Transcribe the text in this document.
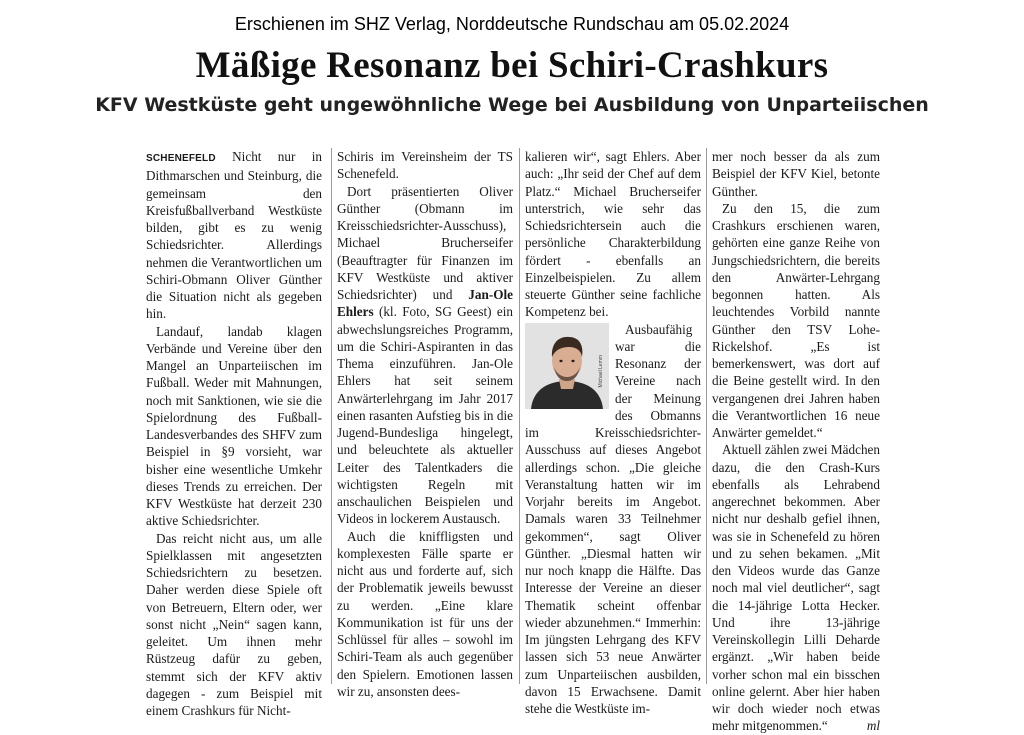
Erschienen im SHZ Verlag, Norddeutsche Rundschau am 05.02.2024
Mäßige Resonanz bei Schiri-Crashkurs
KFV Westküste geht ungewöhnliche Wege bei Ausbildung von Unparteiischen

SCHENEFELD Nicht nur in Dithmarschen und Steinburg, die gemeinsam den Kreisfußballverband Westküste bilden, gibt es zu wenig Schiedsrichter. Allerdings nehmen die Verantwortlichen um Schiri-Obmann Oliver Günther die Situation nicht als gegeben hin.

Landauf, landab klagen Verbände und Vereine über den Mangel an Unparteiischen im Fußball. Weder mit Mahnungen, noch mit Sanktionen, wie sie die Spielordnung des Fußball-Landesverbandes des SHFV zum Beispiel in §9 vorsieht, war bisher eine wesentliche Umkehr dieses Trends zu erreichen. Der KFV Westküste hat derzeit 230 aktive Schiedsrichter.

Das reicht nicht aus, um alle Spielklassen mit angesetzten Schiedsrichtern zu besetzen. Daher werden diese Spiele oft von Betreuern, Eltern oder, wer sonst nicht „Nein“ sagen kann, geleitet. Um ihnen mehr Rüstzeug dafür zu geben, stemmt sich der KFV aktiv dagegen - zum Beispiel mit einem Crashkurs für Nicht-

Schiris im Vereinsheim der TS Schenefeld.

Dort präsentierten Oliver Günther (Obmann im Kreisschiedsrichter-Ausschuss), Michael Brucherseifer (Beauftragter für Finanzen im KFV Westküste und aktiver Schiedsrichter) und Jan-Ole Ehlers (kl. Foto, SG Geest) ein abwechslungsreiches Programm, um die Schiri-Aspiranten in das Thema einzuführen. Jan-Ole Ehlers hat seit seinem Anwärterlehrgang im Jahr 2017 einen rasanten Aufstieg bis in die Jugend-Bundesliga hingelegt, und beleuchtete als aktueller Leiter des Talentkaders die wichtigsten Regeln mit anschaulichen Beispielen und Videos in lockerem Austausch.

Auch die kniffligsten und komplexesten Fälle sparte er nicht aus und forderte auf, sich der Problematik jeweils bewusst zu werden. „Eine klare Kommunikation ist für uns der Schlüssel für alles – sowohl im Schiri-Team als auch gegenüber den Spielern. Emotionen lassen wir zu, ansonsten dees-

kalieren wir“, sagt Ehlers. Aber auch: „Ihr seid der Chef auf dem Platz.“ Michael Brucherseifer unterstrich, wie sehr das Schiedsrichtersein auch die persönliche Charakterbildung fördert - ebenfalls an Einzelbeispielen. Zu allem steuerte Günther seine fachliche Kompetenz bei.

Michael Lemm

Ausbaufähig war die Resonanz der Vereine nach der Meinung des Obmanns im Kreisschiedsrichter-Ausschuss auf dieses Angebot allerdings schon. „Die gleiche Veranstaltung hatten wir im Vorjahr bereits im Angebot. Damals waren 33 Teilnehmer gekommen“, sagt Oliver Günther. „Diesmal hatten wir nur noch knapp die Hälfte. Das Interesse der Vereine an dieser Thematik scheint offenbar wieder abzunehmen.“ Immerhin: Im jüngsten Lehrgang des KFV lassen sich 53 neue Anwärter zum Unparteiischen ausbilden, davon 15 Erwachsene. Damit stehe die Westküste im-

mer noch besser da als zum Beispiel der KFV Kiel, betonte Günther.

Zu den 15, die zum Crashkurs erschienen waren, gehörten eine ganze Reihe von Jungschiedsrichtern, die bereits den Anwärter-Lehrgang begonnen hatten. Als leuchtendes Vorbild nannte Günther den TSV Lohe-Rickelshof. „Es ist bemerkenswert, was dort auf die Beine gestellt wird. In den vergangenen drei Jahren haben die Verantwortlichen 16 neue Anwärter gemeldet.“

Aktuell zählen zwei Mädchen dazu, die den Crash-Kurs ebenfalls als Lehrabend angerechnet bekommen. Aber nicht nur deshalb gefiel ihnen, was sie in Schenefeld zu hören und zu sehen bekamen. „Mit den Videos wurde das Ganze noch mal viel deutlicher“, sagt die 14-jährige Lotta Hecker. Und ihre 13-jährige Vereinskollegin Lilli Deharde ergänzt. „Wir haben beide vorher schon mal ein bisschen online gelernt. Aber hier haben wir doch wieder noch etwas mehr mitgenommen.“	ml
